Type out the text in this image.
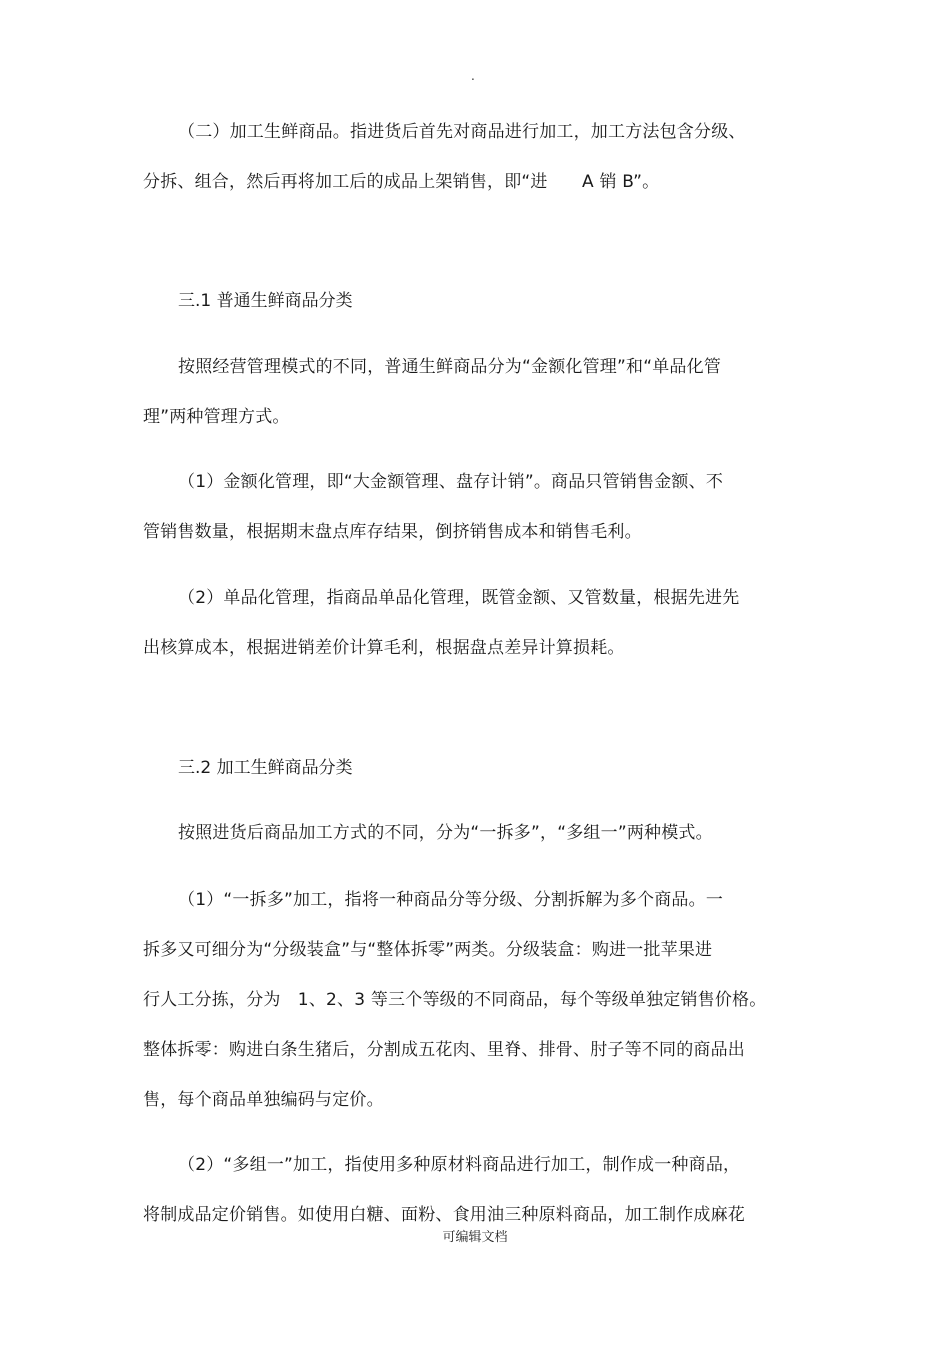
.
（二）加工生鲜商品。指进货后首先对商品进行加工，加工方法包含分级、
分拆、组合，然后再将加工后的成品上架销售，即“进　　A 销 B”。
三.1 普通生鲜商品分类
按照经营管理模式的不同，普通生鲜商品分为“金额化管理”和“单品化管
理”两种管理方式。
（1）金额化管理，即“大金额管理、盘存计销”。商品只管销售金额、不
管销售数量，根据期末盘点库存结果，倒挤销售成本和销售毛利。
（2）单品化管理，指商品单品化管理，既管金额、又管数量，根据先进先
出核算成本，根据进销差价计算毛利，根据盘点差异计算损耗。
三.2 加工生鲜商品分类
按照进货后商品加工方式的不同，分为“一拆多”，“多组一”两种模式。
（1）“一拆多”加工，指将一种商品分等分级、分割拆解为多个商品。一
拆多又可细分为“分级装盒”与“整体拆零”两类。分级装盒：购进一批苹果进
行人工分拣，分为　1、2、3 等三个等级的不同商品，每个等级单独定销售价格。
整体拆零：购进白条生猪后，分割成五花肉、里脊、排骨、肘子等不同的商品出
售，每个商品单独编码与定价。
（2）“多组一”加工，指使用多种原材料商品进行加工，制作成一种商品，
将制成品定价销售。如使用白糖、面粉、食用油三种原料商品，加工制作成麻花
可编辑文档
